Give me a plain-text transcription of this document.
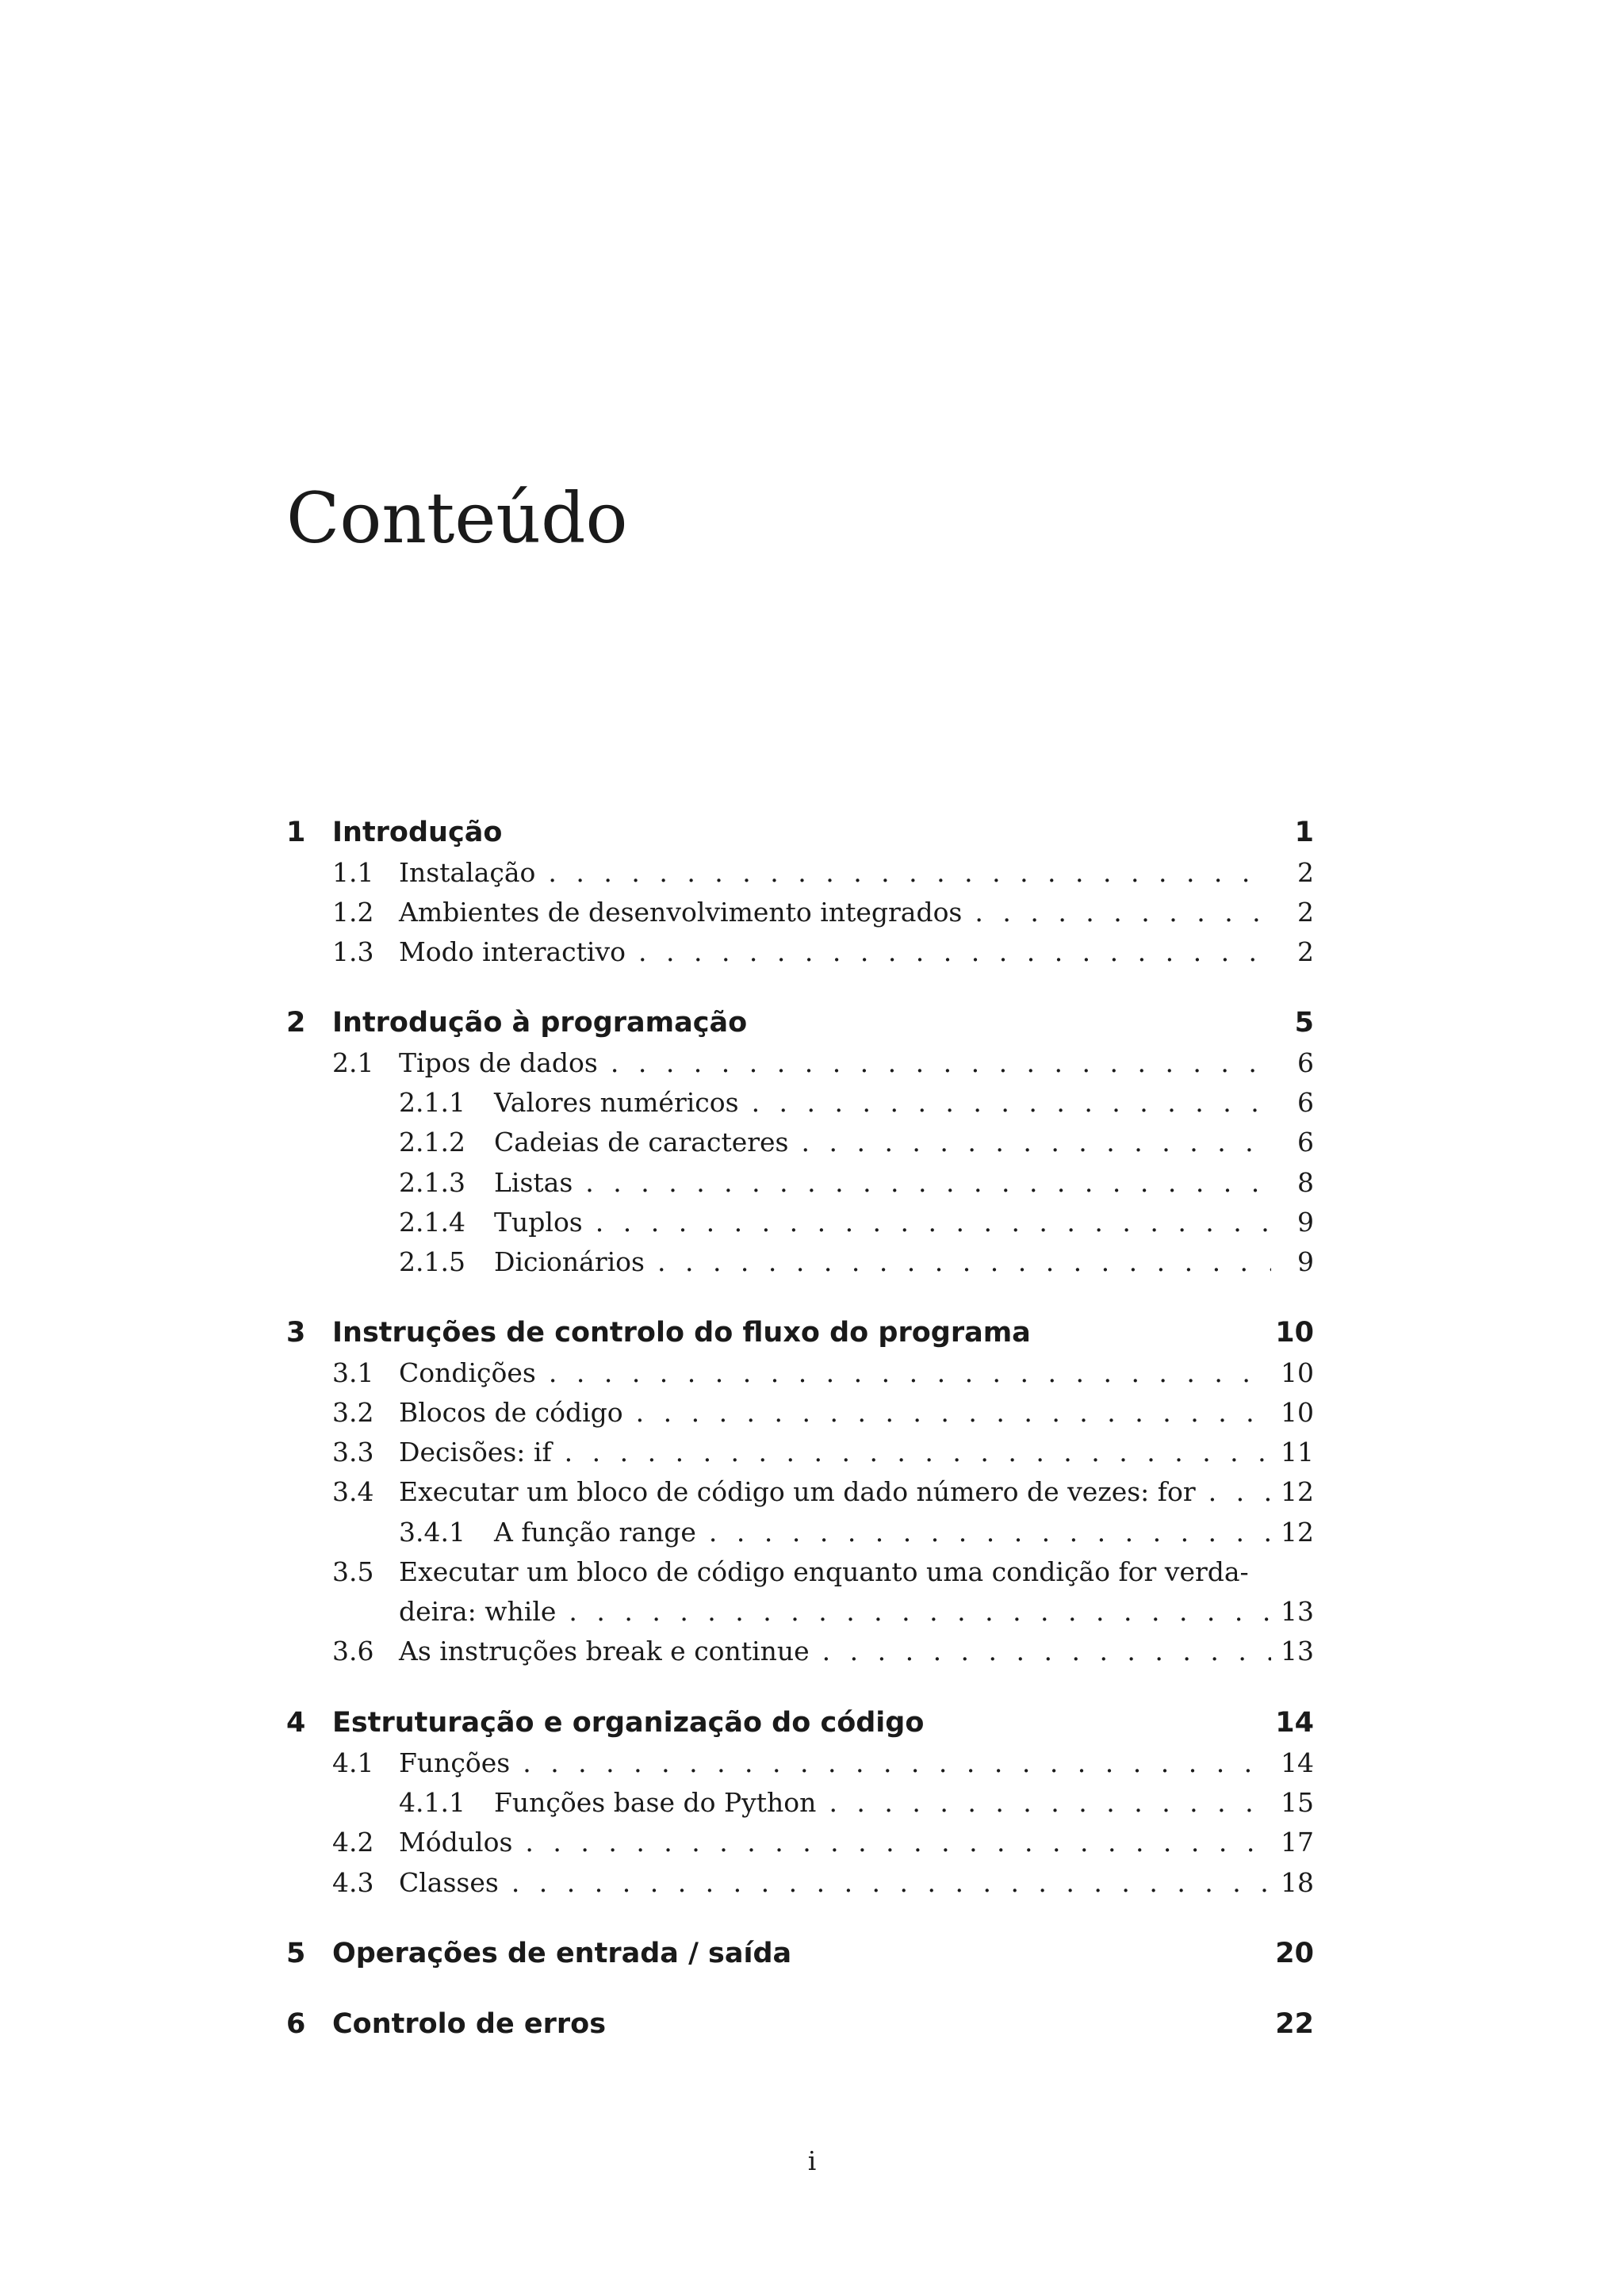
Conteúdo
1 Introdução	1
1.1 Instalação . . .	2
1.2 Ambientes de desenvolvimento integrados . . .	2
1.3 Modo interactivo . . .	2
2 Introdução à programação	5
2.1 Tipos de dados . . .	6
2.1.1	Valores numéricos . . .	6
2.1.2	Cadeias de caracteres . . .	6
2.1.3	Listas . . .	8
2.1.4	Tuplos . . .	9
2.1.5	Dicionários . . .	9
3 Instruções de controlo do fluxo do programa	10
3.1 Condições . . .	10
3.2 Blocos de código . . .	10
3.3 Decisões: if . . .	11
3.4 Executar um bloco de código um dado número de vezes: for . . .	12
3.4.1	A função range . . .	12
3.5 Executar um bloco de código enquanto uma condição for verda-
deira: while . . .	13
3.6 As instruções break e continue . . .	13
4 Estruturação e organização do código	14
4.1 Funções . . .	14
4.1.1	Funções base do Python . . .	15
4.2 Módulos . . .	17
4.3 Classes . . .	18
5 Operações de entrada / saída	20
6 Controlo de erros	22
i
